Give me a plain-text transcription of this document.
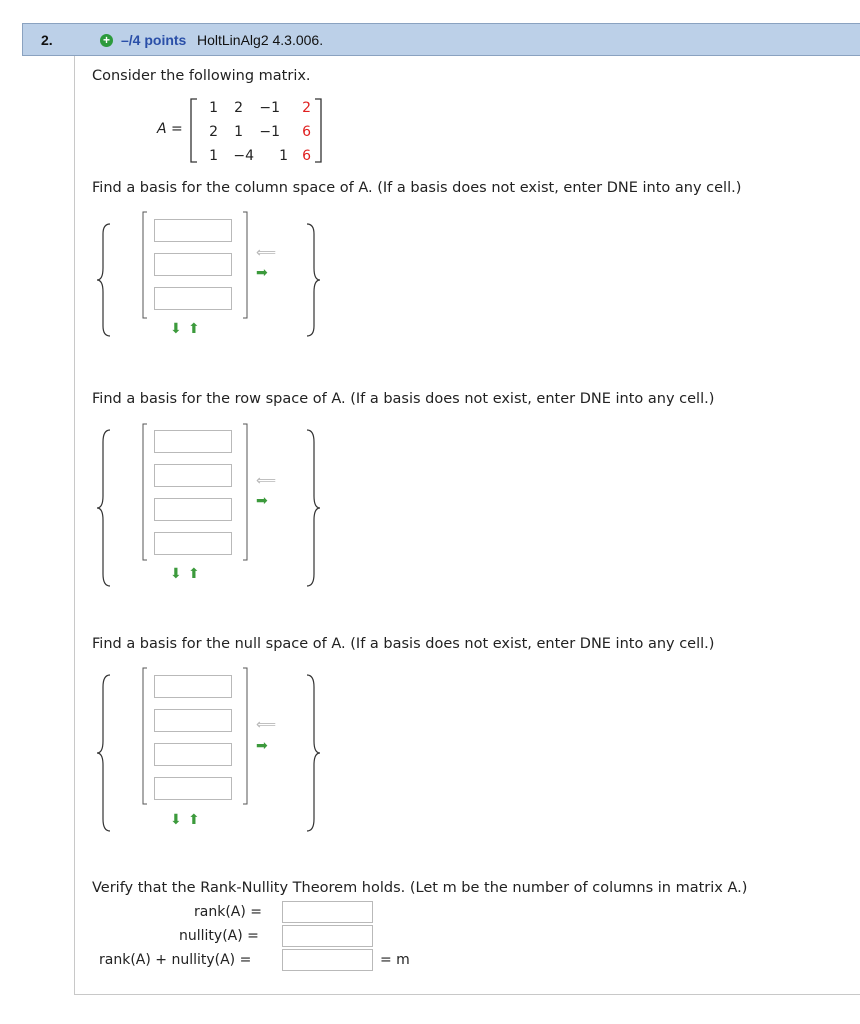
2.	+ –/4 points HoltLinAlg2 4.3.006.
Consider the following matrix.
A =
1	2 −1	2
2	1 −1	6
1	−4	1	6
Find a basis for the column space of A. (If a basis does not exist, enter DNE into any cell.)
⟸
➡
⬇ ⬆
Find a basis for the row space of A. (If a basis does not exist, enter DNE into any cell.)
⟸
➡
⬇ ⬆
Find a basis for the null space of A. (If a basis does not exist, enter DNE into any cell.)
⟸
➡
⬇ ⬆
Verify that the Rank-Nullity Theorem holds. (Let m be the number of columns in matrix A.)
rank(A) =
nullity(A) =
rank(A) + nullity(A) =	= m
